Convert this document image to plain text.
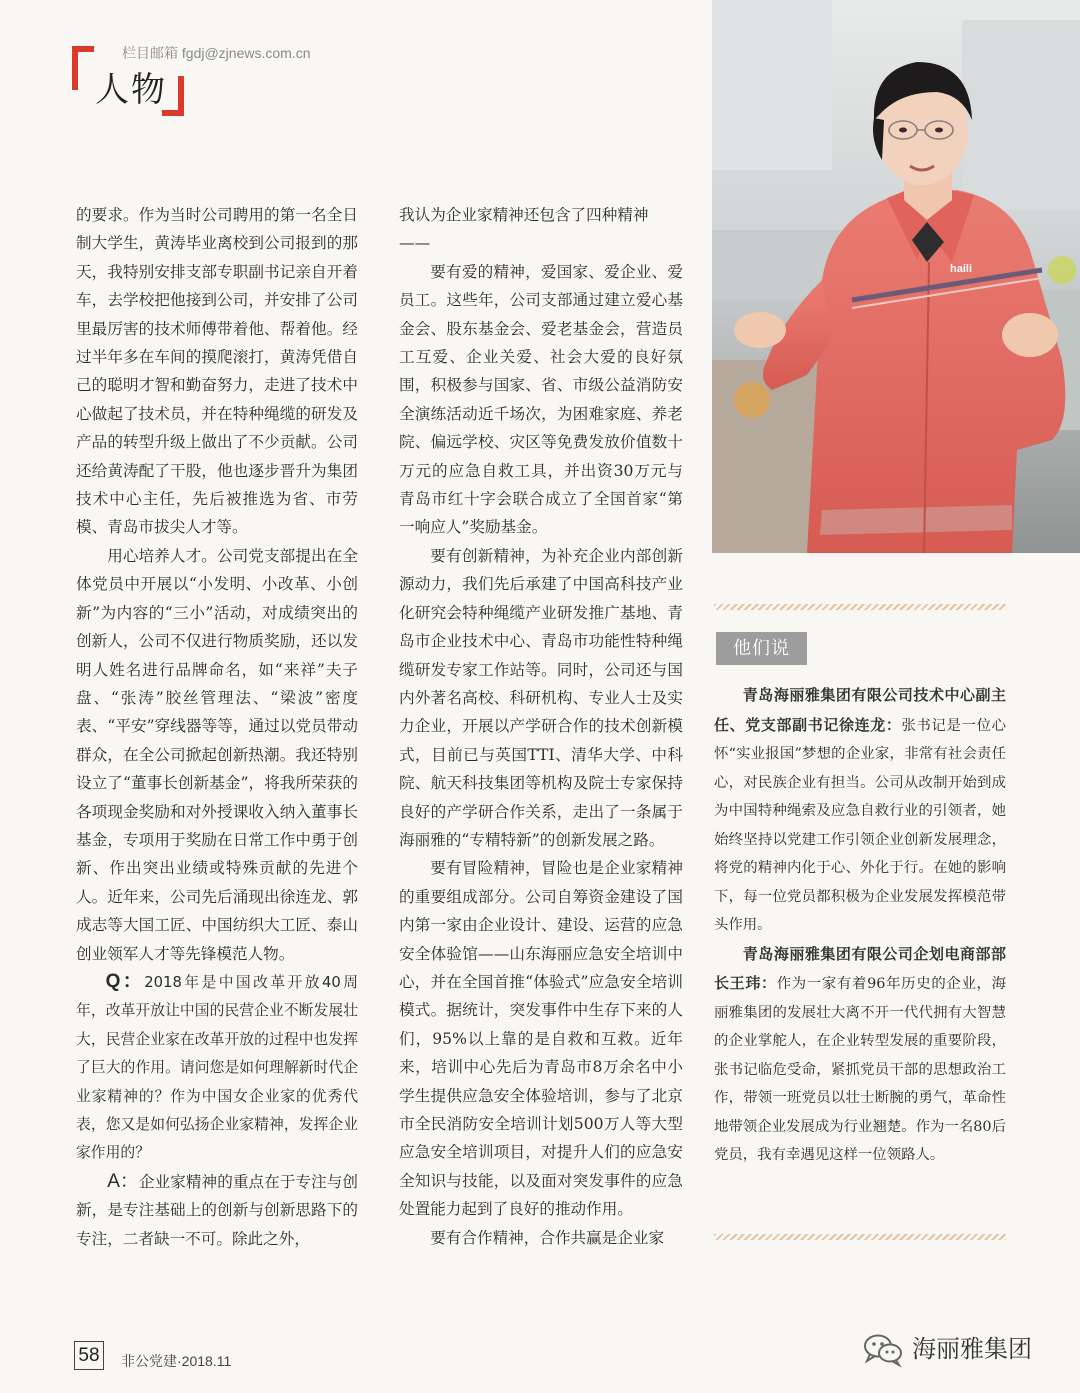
栏目邮箱 fgdj@zjnews.com.cn
人物

的要求。作为当时公司聘用的第一名全日制大学生，黄涛毕业离校到公司报到的那天，我特别安排支部专职副书记亲自开着车，去学校把他接到公司，并安排了公司里最厉害的技术师傅带着他、帮着他。经过半年多在车间的摸爬滚打，黄涛凭借自己的聪明才智和勤奋努力，走进了技术中心做起了技术员，并在特种绳缆的研发及产品的转型升级上做出了不少贡献。公司还给黄涛配了干股，他也逐步晋升为集团技术中心主任，先后被推选为省、市劳模、青岛市拔尖人才等。

用心培养人才。公司党支部提出在全体党员中开展以“小发明、小改革、小创新”为内容的“三小”活动，对成绩突出的创新人，公司不仅进行物质奖励，还以发明人姓名进行品牌命名，如“来祥”夫子盘、“张涛”胶丝管理法、“梁波”密度表、“平安”穿线器等等，通过以党员带动群众，在全公司掀起创新热潮。我还特别设立了“董事长创新基金”，将我所荣获的各项现金奖励和对外授课收入纳入董事长基金，专项用于奖励在日常工作中勇于创新、作出突出业绩或特殊贡献的先进个人。近年来，公司先后涌现出徐连龙、郭成志等大国工匠、中国纺织大工匠、泰山创业领军人才等先锋模范人物。

Q：2018年是中国改革开放40周年，改革开放让中国的民营企业不断发展壮大，民营企业家在改革开放的过程中也发挥了巨大的作用。请问您是如何理解新时代企业家精神的？作为中国女企业家的优秀代表，您又是如何弘扬企业家精神，发挥企业家作用的？

A：企业家精神的重点在于专注与创新，是专注基础上的创新与创新思路下的专注，二者缺一不可。除此之外，

我认为企业家精神还包含了四种精神

——

要有爱的精神，爱国家、爱企业、爱员工。这些年，公司支部通过建立爱心基金会、股东基金会、爱老基金会，营造员工互爱、企业关爱、社会大爱的良好氛围，积极参与国家、省、市级公益消防安全演练活动近千场次，为困难家庭、养老院、偏远学校、灾区等免费发放价值数十万元的应急自救工具，并出资30万元与青岛市红十字会联合成立了全国首家“第一响应人”奖励基金。

要有创新精神，为补充企业内部创新源动力，我们先后承建了中国高科技产业化研究会特种绳缆产业研发推广基地、青岛市企业技术中心、青岛市功能性特种绳缆研发专家工作站等。同时，公司还与国内外著名高校、科研机构、专业人士及实力企业，开展以产学研合作的技术创新模式，目前已与英国TTI、清华大学、中科院、航天科技集团等机构及院士专家保持良好的产学研合作关系，走出了一条属于海丽雅的“专精特新”的创新发展之路。

要有冒险精神，冒险也是企业家精神的重要组成部分。公司自筹资金建设了国内第一家由企业设计、建设、运营的应急安全体验馆——山东海丽应急安全培训中心，并在全国首推“体验式”应急安全培训模式。据统计，突发事件中生存下来的人们，95%以上靠的是自救和互救。近年来，培训中心先后为青岛市8万余名中小学生提供应急安全体验培训，参与了北京市全民消防安全培训计划500万人等大型应急安全培训项目，对提升人们的应急安全知识与技能，以及面对突发事件的应急处置能力起到了良好的推动作用。

要有合作精神，合作共赢是企业家

haili
他们说

青岛海丽雅集团有限公司技术中心副主任、党支部副书记徐连龙：张书记是一位心怀“实业报国”梦想的企业家，非常有社会责任心，对民族企业有担当。公司从改制开始到成为中国特种绳索及应急自救行业的引领者，她始终坚持以党建工作引领企业创新发展理念，将党的精神内化于心、外化于行。在她的影响下，每一位党员都积极为企业发展发挥模范带头作用。

青岛海丽雅集团有限公司企划电商部部长王玮：作为一家有着96年历史的企业，海丽雅集团的发展壮大离不开一代代拥有大智慧的企业掌舵人，在企业转型发展的重要阶段，张书记临危受命，紧抓党员干部的思想政治工作，带领一班党员以壮士断腕的勇气，革命性地带领企业发展成为行业翘楚。作为一名80后党员，我有幸遇见这样一位领路人。

58	非公党建·2018.11	海丽雅集团
